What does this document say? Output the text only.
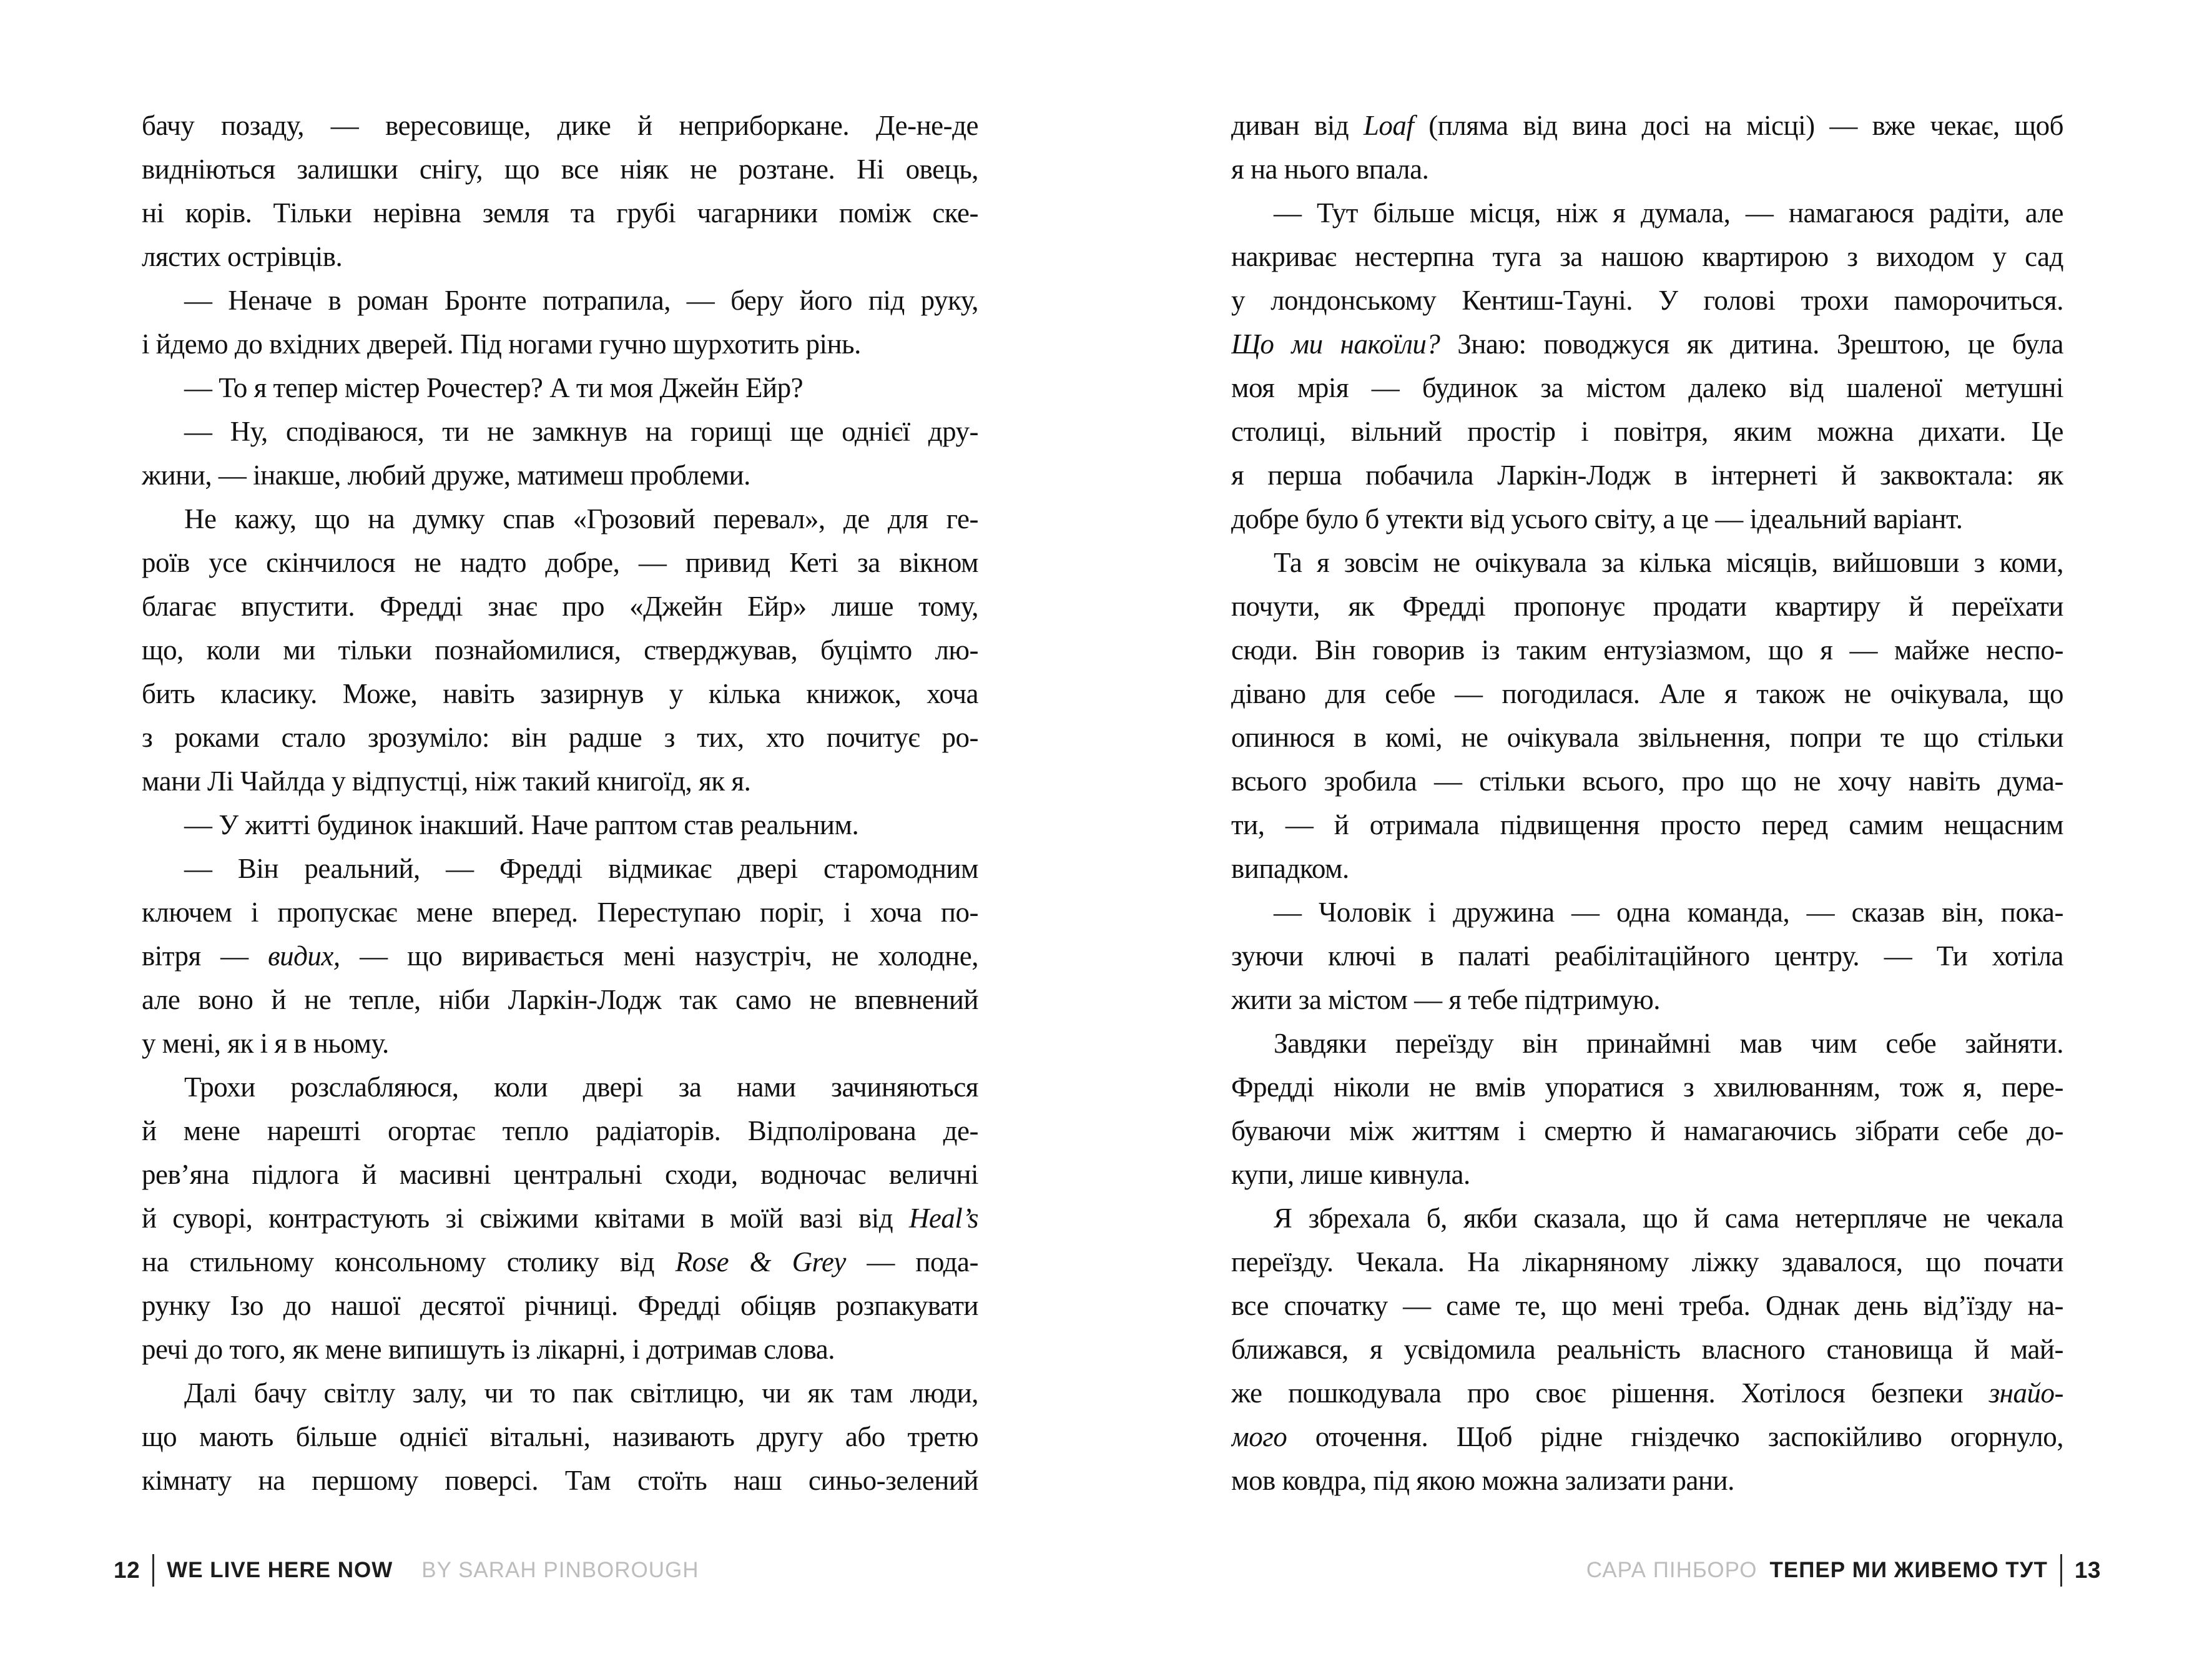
бачу позаду, — вересовище, дике й неприборкане. Де-не-де
видніються залишки снігу, що все ніяк не розтане. Ні овець,
ні корів. Тільки нерівна земля та грубі чагарники поміж ске-
лястих острівців.
— Неначе в роман Бронте потрапила, — беру його під руку,
і йдемо до вхідних дверей. Під ногами гучно шурхотить рінь.
— То я тепер містер Рочестер? А ти моя Джейн Ейр?
— Ну, сподіваюся, ти не замкнув на горищі ще однієї дру-
жини, — інакше, любий друже, матимеш проблеми.
Не кажу, що на думку спав «Грозовий перевал», де для ге-
роїв усе скінчилося не надто добре, — привид Кеті за вікном
благає впустити. Фредді знає про «Джейн Ейр» лише тому,
що, коли ми тільки познайомилися, стверджував, буцімто лю-
бить класику. Може, навіть зазирнув у кілька книжок, хоча
з роками стало зрозуміло: він радше з тих, хто почитує ро-
мани Лі Чайлда у відпустці, ніж такий книгоїд, як я.
— У житті будинок інакший. Наче раптом став реальним.
— Він реальний, — Фредді відмикає двері старомодним
ключем і пропускає мене вперед. Переступаю поріг, і хоча по-
вітря — видих, — що виривається мені назустріч, не холодне,
але воно й не тепле, ніби Ларкін-Лодж так само не впевнений
у мені, як і я в ньому.
Трохи розслабляюся, коли двері за нами зачиняються
й мене нарешті огортає тепло радіаторів. Відполірована де-
рев’яна підлога й масивні центральні сходи, водночас величні
й суворі, контрастують зі свіжими квітами в моїй вазі від Heal’s
на стильному консольному столику від Rose & Grey — пода-
рунку Ізо до нашої десятої річниці. Фредді обіцяв розпакувати
речі до того, як мене випишуть із лікарні, і дотримав слова.
Далі бачу світлу залу, чи то пак світлицю, чи як там люди,
що мають більше однієї вітальні, називають другу або третю
кімнату на першому поверсі. Там стоїть наш синьо-зелений
диван від Loaf (пляма від вина досі на місці) — вже чекає, щоб
я на нього впала.
— Тут більше місця, ніж я думала, — намагаюся радіти, але
накриває нестерпна туга за нашою квартирою з виходом у сад
у лондонському Кентиш-Тауні. У голові трохи паморочиться.
Що ми накоїли? Знаю: поводжуся як дитина. Зрештою, це була
моя мрія — будинок за містом далеко від шаленої метушні
столиці, вільний простір і повітря, яким можна дихати. Це
я перша побачила Ларкін-Лодж в інтернеті й заквоктала: як
добре було б утекти від усього світу, а це — ідеальний варіант.
Та я зовсім не очікувала за кілька місяців, вийшовши з коми,
почути, як Фредді пропонує продати квартиру й переїхати
сюди. Він говорив із таким ентузіазмом, що я — майже неспо-
дівано для себе — погодилася. Але я також не очікувала, що
опинюся в комі, не очікувала звільнення, попри те що стільки
всього зробила — стільки всього, про що не хочу навіть дума-
ти, — й отримала підвищення просто перед самим нещасним
випадком.
— Чоловік і дружина — одна команда, — сказав він, пока-
зуючи ключі в палаті реабілітаційного центру. — Ти хотіла
жити за містом — я тебе підтримую.
Завдяки переїзду він принаймні мав чим себе зайняти.
Фредді ніколи не вмів упоратися з хвилюванням, тож я, пере-
буваючи між життям і смертю й намагаючись зібрати себе до-
купи, лише кивнула.
Я збрехала б, якби сказала, що й сама нетерпляче не чекала
переїзду. Чекала. На лікарняному ліжку здавалося, що почати
все спочатку — саме те, що мені треба. Однак день від’їзду на-
ближався, я усвідомила реальність власного становища й май-
же пошкодувала про своє рішення. Хотілося безпеки знайо-
мого оточення. Щоб рідне гніздечко заспокійливо огорнуло,
мов ковдра, під якою можна зализати рани.
12 WE LIVE HERE NOW BY SARAH PINBOROUGH	САРА ПІНБОРО ТЕПЕР МИ ЖИВЕМО ТУТ 13
